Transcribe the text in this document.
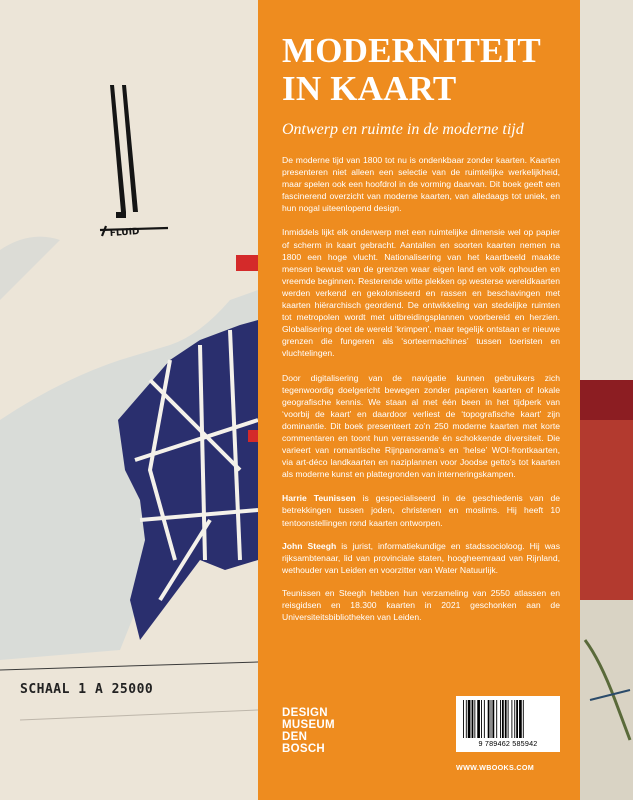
FLUID
SCHAAL 1 A 25000
MODERNITEIT
IN KAART
Ontwerp en ruimte in de moderne tijd

De moderne tijd van 1800 tot nu is ondenkbaar zonder kaarten. Kaarten presenteren niet alleen een selectie van de ruimtelijke werkelijkheid, maar spelen ook een hoofdrol in de vorming daarvan. Dit boek geeft een fascinerend overzicht van moderne kaarten, van alledaags tot uniek, en hun nogal uiteenlopend design.

Inmiddels lijkt elk onderwerp met een ruimtelijke dimensie wel op papier of scherm in kaart gebracht. Aantallen en soorten kaarten nemen na 1800 een hoge vlucht. Nationalisering van het kaartbeeld maakte mensen bewust van de grenzen waar eigen land en volk ophouden en vreemde beginnen. Resterende witte plekken op westerse wereldkaarten werden verkend en gekoloniseerd en rassen en beschavingen met kaarten hiërarchisch geordend. De ontwikkeling van stedelijke ruimten tot metropolen wordt met uitbreidingsplannen voorbereid en herzien. Globalisering doet de wereld ‘krimpen’, maar tegelijk ontstaan er nieuwe grenzen die fungeren als ‘sorteermachines’ tussen toeristen en vluchtelingen.

Door digitalisering van de navigatie kunnen gebruikers zich tegenwoordig doelgericht bewegen zonder papieren kaarten of lokale geografische kennis. We staan al met één been in het tijdperk van ‘voorbij de kaart’ en daardoor verliest de ‘topografische kaart’ zijn dominantie. Dit boek presenteert zo’n 250 moderne kaarten met korte commentaren en toont hun verrassende én schokkende diversiteit. Die varieert van romantische Rijnpanorama’s en ‘helse’ WOI-frontkaarten, via art-déco landkaarten en naziplannen voor Joodse getto’s tot kaarten als moderne kunst en plattegronden van interneringskampen.

Harrie Teunissen is gespecialiseerd in de geschiedenis van de betrekkingen tussen joden, christenen en moslims. Hij heeft 10 tentoonstellingen rond kaarten ontworpen.

John Steegh is jurist, informatiekundige en stadssocioloog. Hij was rijksambtenaar, lid van provinciale staten, hoogheemraad van Rijnland, wethouder van Leiden en voorzitter van Water Natuurlijk.

Teunissen en Steegh hebben hun verzameling van 2550 atlassen en reisgidsen en 18.300 kaarten in 2021 geschonken aan de Universiteitsbibliotheken van Leiden.

DESIGN
MUSEUM
DEN
BOSCH	9 789462 585942
WWW.WBOOKS.COM
